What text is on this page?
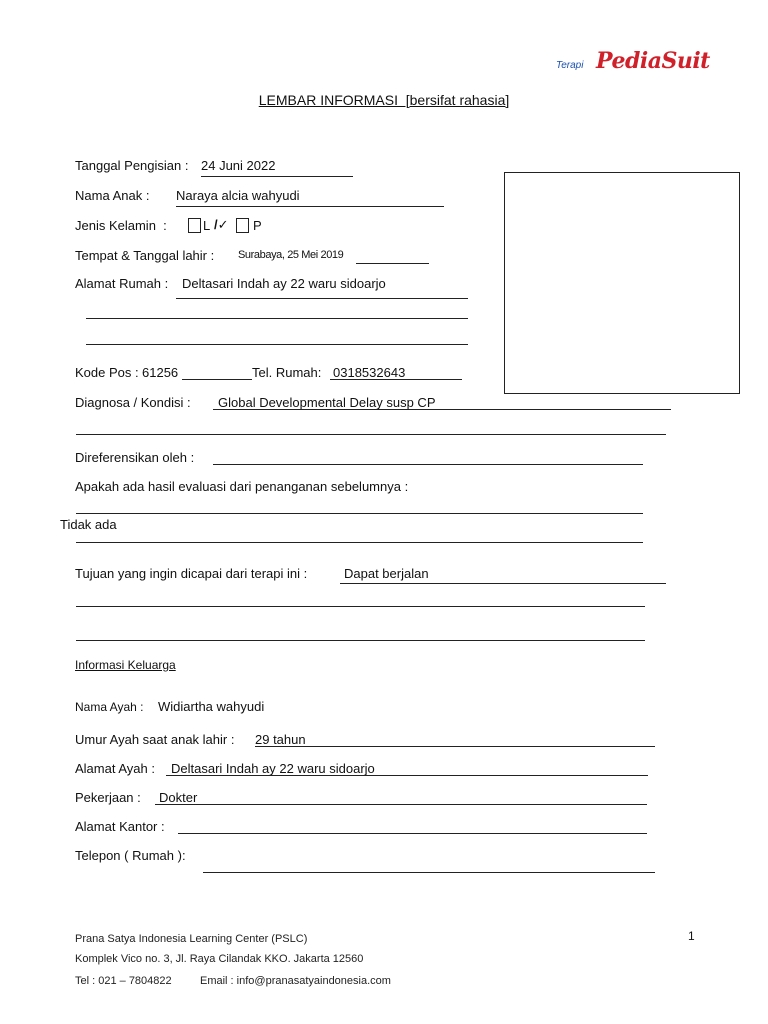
Terapi PediaSuit
LEMBAR INFORMASI  [bersifat rahasia]
Tanggal Pengisian : 24 Juni 2022
Nama Anak : Naraya alcia wahyudi
Jenis Kelamin  :	L /✓ P
Tempat & Tanggal lahir : Surabaya, 25 Mei 2019
Alamat Rumah : Deltasari Indah ay 22 waru sidoarjo
Kode Pos : 61256	Tel. Rumah: 0318532643
Diagnosa / Kondisi : Global Developmental Delay susp CP
Direferensikan oleh :
Apakah ada hasil evaluasi dari penanganan sebelumnya :
Tidak ada
Tujuan yang ingin dicapai dari terapi ini :	Dapat berjalan
Informasi Keluarga
Nama Ayah : Widiartha wahyudi
Umur Ayah saat anak lahir : 29 tahun
Alamat Ayah : Deltasari Indah ay 22 waru sidoarjo
Pekerjaan : Dokter
Alamat Kantor :
Telepon ( Rumah ):
Prana Satya Indonesia Learning Center (PSLC)
Komplek Vico no. 3, Jl. Raya Cilandak KKO. Jakarta 12560
Tel : 021 – 7804822	Email : info@pranasatyaindonesia.com
1
